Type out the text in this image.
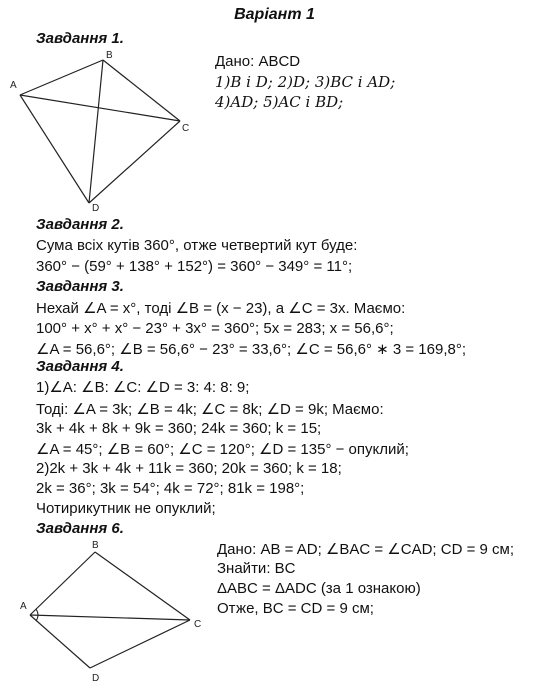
Варіант 1
Завдання 1.
A
B
C
D
Дано: ABCD
1)B і D; 2)D; 3)BC і AD;
4)AD; 5)AC і BD;
Завдання 2.
Сума всіх кутів 360°, отже четвертий кут буде:
360° − (59° + 138° + 152°) = 360° − 349° = 11°;
Завдання 3.
Нехай ∠A = x°, тоді ∠B = (x − 23), а ∠C = 3x. Маємо:
100° + x° + x° − 23° + 3x° = 360°; 5x = 283; x = 56,6°;
∠A = 56,6°; ∠B = 56,6° − 23° = 33,6°; ∠C = 56,6° ∗ 3 = 169,8°;
Завдання 4.
1)∠A: ∠B: ∠C: ∠D = 3: 4: 8: 9;
Тоді: ∠A = 3k; ∠B = 4k; ∠C = 8k; ∠D = 9k; Маємо:
3k + 4k + 8k + 9k = 360; 24k = 360; k = 15;
∠A = 45°; ∠B = 60°; ∠C = 120°; ∠D = 135° − опуклий;
2)2k + 3k + 4k + 11k = 360; 20k = 360; k = 18;
2k = 36°; 3k = 54°; 4k = 72°; 81k = 198°;
Чотирикутник не опуклий;
Завдання 6.
A
B
C
D
Дано: AB = AD; ∠BAC = ∠CAD; CD = 9 см;
Знайти: BC
ΔABC = ΔADC (за 1 ознакою)
Отже, BC = CD = 9 см;
